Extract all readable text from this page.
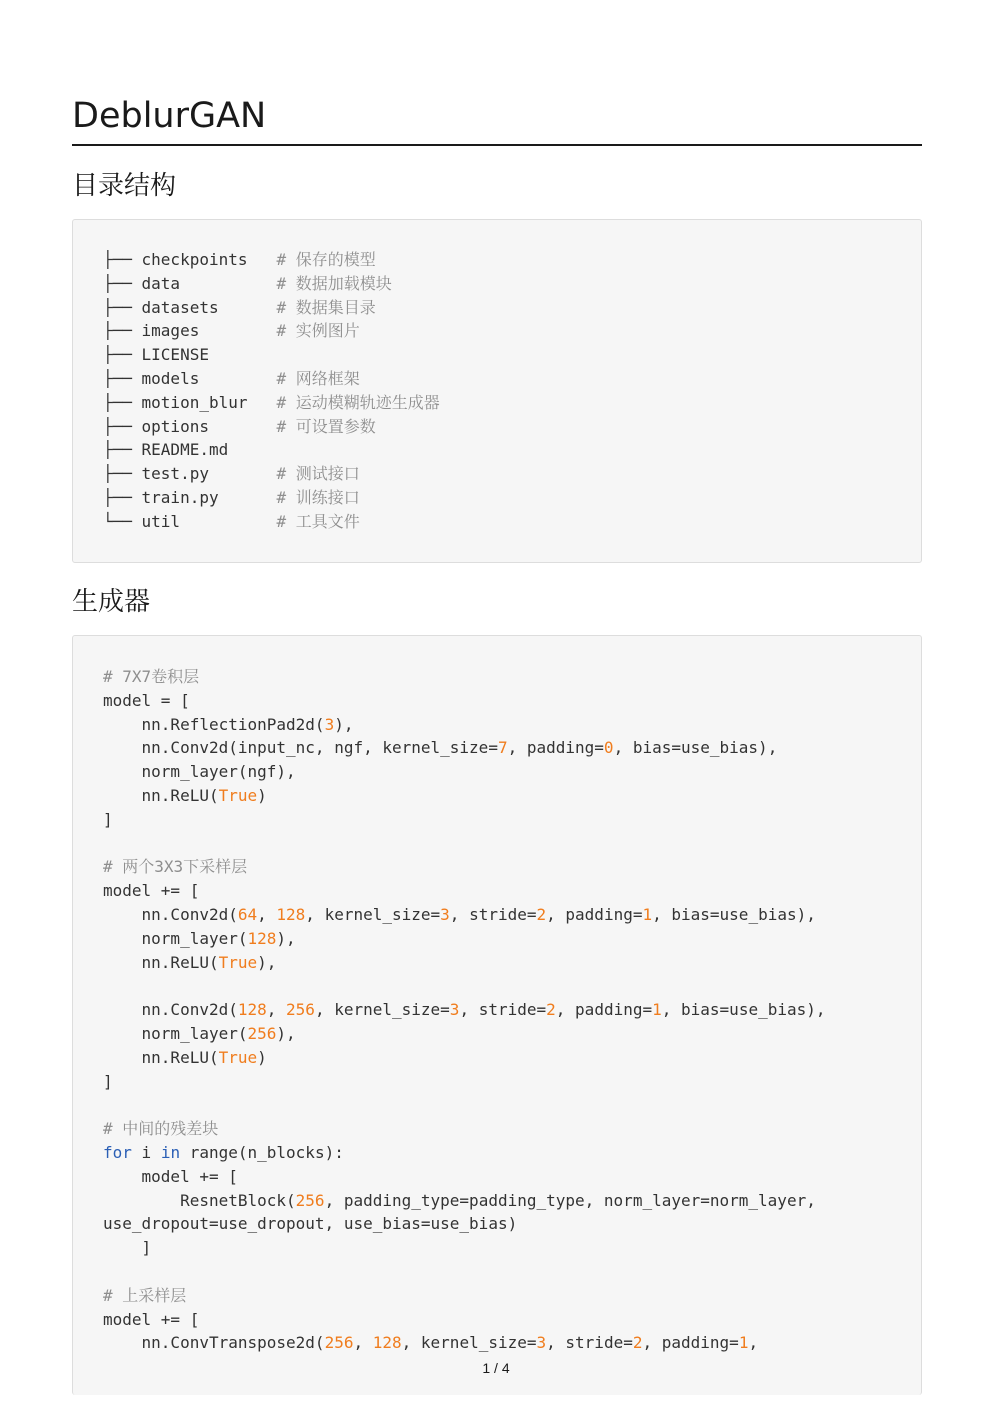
DeblurGAN
目录结构
├── checkpoints # 保存的模型
├── data	# 数据加载模块
├── datasets	# 数据集目录
├── images	# 实例图片
├── LICENSE
├── models	# 网络框架
├── motion_blur # 运动模糊轨迹生成器
├── options	# 可设置参数
├── README.md
├── test.py	# 测试接口
├── train.py	# 训练接口
└── util	# 工具文件
生成器
# 7X7卷积层
model = [
nn.ReflectionPad2d(3),
nn.Conv2d(input_nc, ngf, kernel_size=7, padding=0, bias=use_bias),
norm_layer(ngf),
nn.ReLU(True)
]
# 两个3X3下采样层
model += [
nn.Conv2d(64, 128, kernel_size=3, stride=2, padding=1, bias=use_bias),
norm_layer(128),
nn.ReLU(True),
nn.Conv2d(128, 256, kernel_size=3, stride=2, padding=1, bias=use_bias),
norm_layer(256),
nn.ReLU(True)
]
# 中间的残差块
for i in range(n_blocks):
model += [
ResnetBlock(256, padding_type=padding_type, norm_layer=norm_layer,
use_dropout=use_dropout, use_bias=use_bias)
]
# 上采样层
model += [
nn.ConvTranspose2d(256, 128, kernel_size=3, stride=2, padding=1,
1 / 4
